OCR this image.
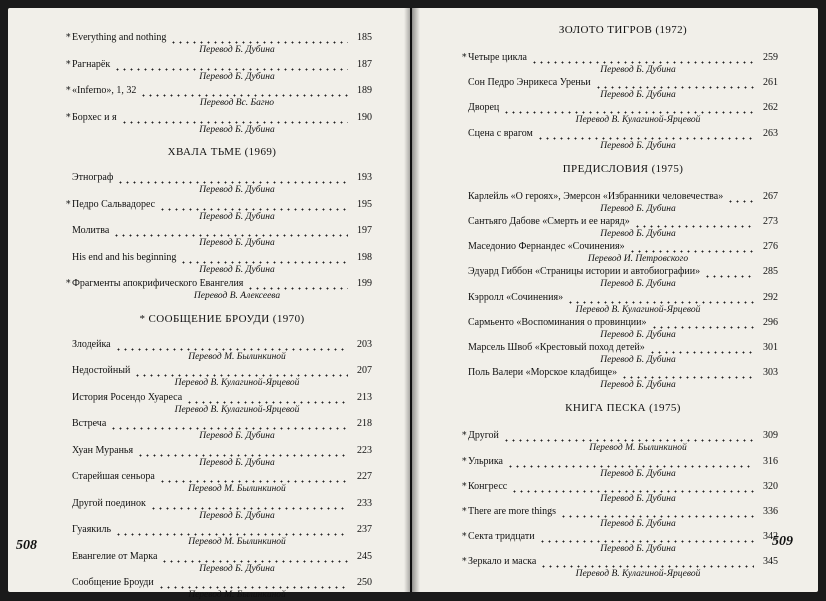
* Everything and nothing	185
Перевод Б. Дубина
* Рагнарёк	187
Перевод Б. Дубина
* «Inferno», 1, 32	189
Перевод Вс. Багно
* Борхес и я	190
Перевод Б. Дубина
ХВАЛА ТЬМЕ (1969)
Этнограф	193
Перевод Б. Дубина
* Педро Сальвадорес	195
Перевод Б. Дубина
Молитва	197
Перевод Б. Дубина
His end and his beginning	198
Перевод Б. Дубина
* Фрагменты апокрифического Евангелия	199
Перевод В. Алексеева
* СООБЩЕНИЕ БРОУДИ (1970)
Злодейка	203
Перевод М. Былинкиной
Недостойный	207
Перевод В. Кулагиной-Ярцевой
История Росендо Хуареса	213
Перевод В. Кулагиной-Ярцевой
Встреча	218
Перевод Б. Дубина
Хуан Муранья	223
Перевод Б. Дубина
Старейшая сеньора	227
Перевод М. Былинкиной
Другой поединок	233
Перевод Б. Дубина
Гуаякиль	237
Перевод М. Былинкиной
Евангелие от Марка	245
Перевод Б. Дубина
Сообщение Броуди	250
Перевод М. Былинкиной
508
ЗОЛОТО ТИГРОВ (1972)
* Четыре цикла	259
Перевод Б. Дубина
Сон Педро Энрикеса Уреньи	261
Перевод Б. Дубина
Дворец	262
Перевод В. Кулагиной-Ярцевой
Сцена с врагом	263
Перевод Б. Дубина
ПРЕДИСЛОВИЯ (1975)
Карлейль «О героях», Эмерсон «Избранники человечества»	267
Перевод Б. Дубина
Сантьяго Дабове «Смерть и ее наряд»	273
Перевод Б. Дубина
Маседонио Фернандес «Сочинения»	276
Перевод И. Петровского
Эдуард Гиббон «Страницы истории и автобиографии»	285
Перевод Б. Дубина
Кэрролл «Сочинения»	292
Перевод В. Кулагиной-Ярцевой
Сармьенто «Воспоминания о провинции»	296
Перевод Б. Дубина
Марсель Швоб «Крестовый поход детей»	301
Перевод Б. Дубина
Поль Валери «Морское кладбище»	303
Перевод Б. Дубина
КНИГА ПЕСКА (1975)
* Другой	309
Перевод М. Былинкиной
* Ульрика	316
Перевод Б. Дубина
* Конгресс	320
Перевод Б. Дубина
* There are more things	336
Перевод Б. Дубина
* Секта тридцати	342
Перевод Б. Дубина
* Зеркало и маска	345
Перевод В. Кулагиной-Ярцевой
509
